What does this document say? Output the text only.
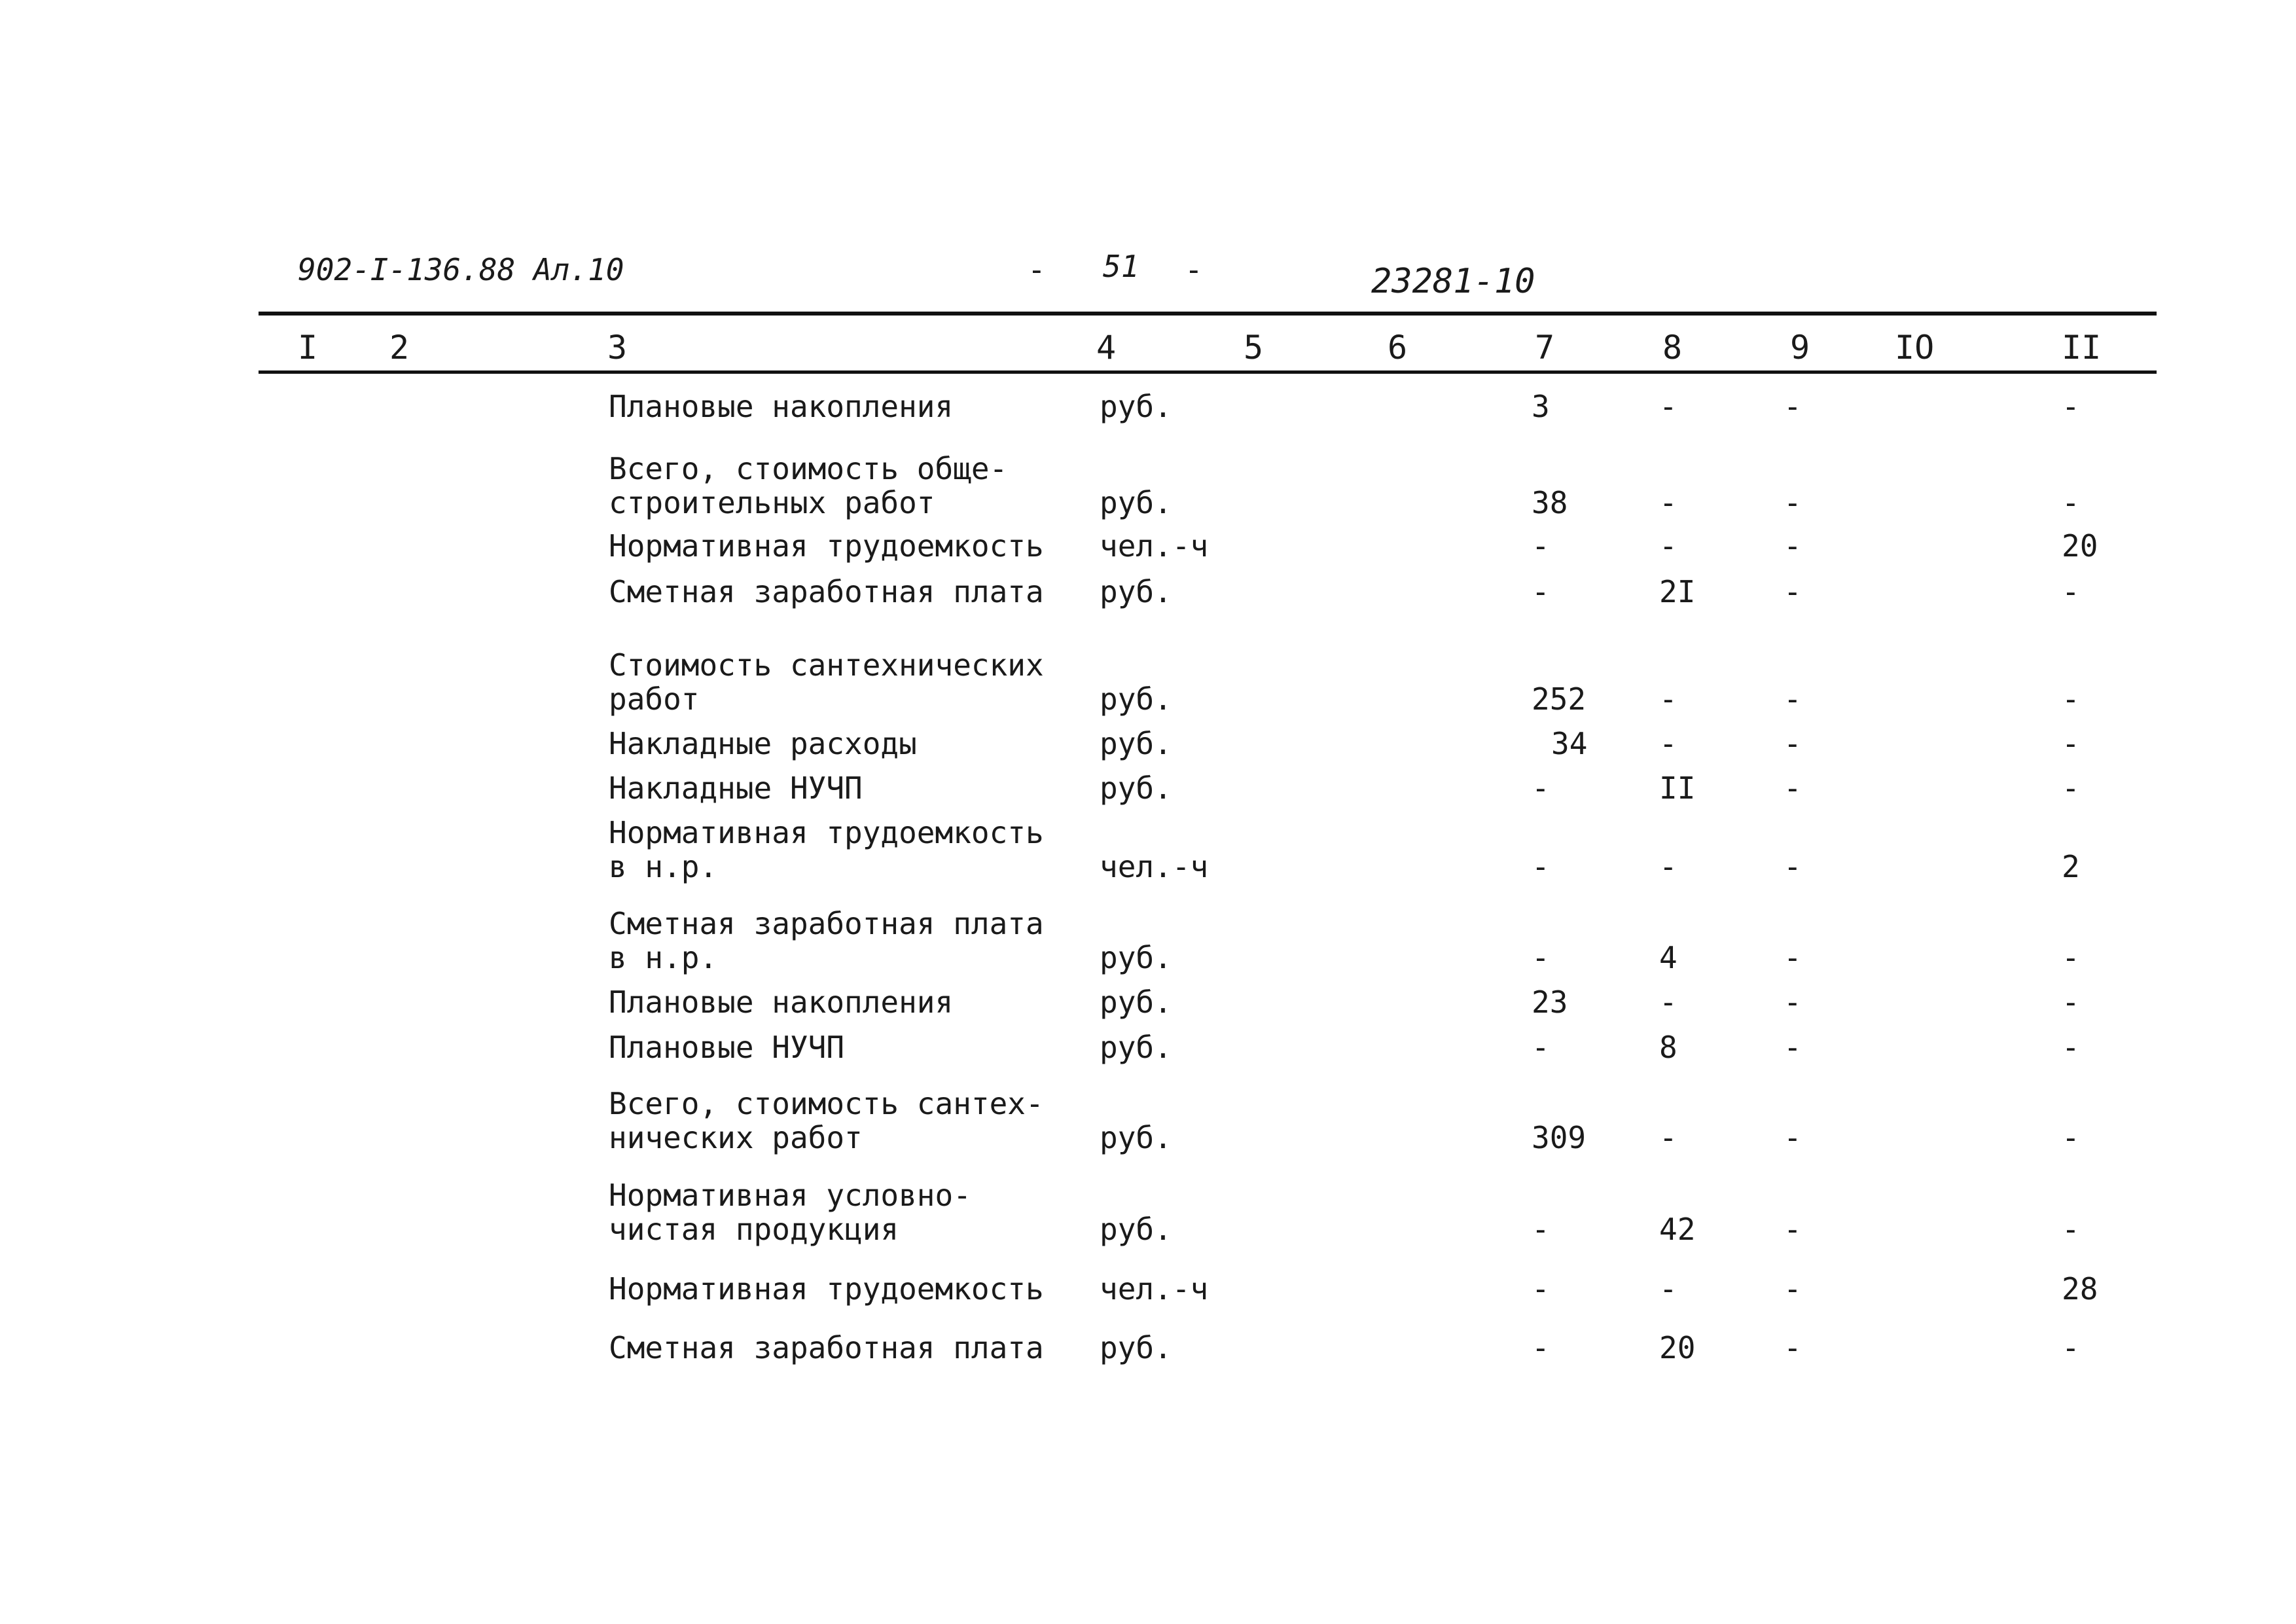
902-I-136.88 Ал.10	- 51 -	23281-10
I 2	3	4	5	6	7	8	9	IO	II
Плановые накопления	руб.	3	-	-	-
Всего, стоимость обще-
строительных работ	руб.	38	-	-	-
Нормативная трудоемкость чел.-ч	-	-	-	20
Сметная заработная плата руб.	-	2I	-	-
Стоимость сантехнических
работ	руб.	252 -	-	-
Накладные расходы	руб.	34 -	-	-
Накладные НУЧП	руб.	-	II	-	-
Нормативная трудоемкость
в н.р.	чел.-ч	-	-	-	2
Сметная заработная плата
в н.р.	руб.	-	4	-	-
Плановые накопления	руб.	23	-	-	-
Плановые НУЧП	руб.	-	8	-	-
Всего, стоимость сантех-
нических работ	руб.	309 -	-	-
Нормативная условно-
чистая продукция	руб.	-	42	-	-
Нормативная трудоемкость чел.-ч	-	-	-	28
Сметная заработная плата руб.	-	20	-	-
